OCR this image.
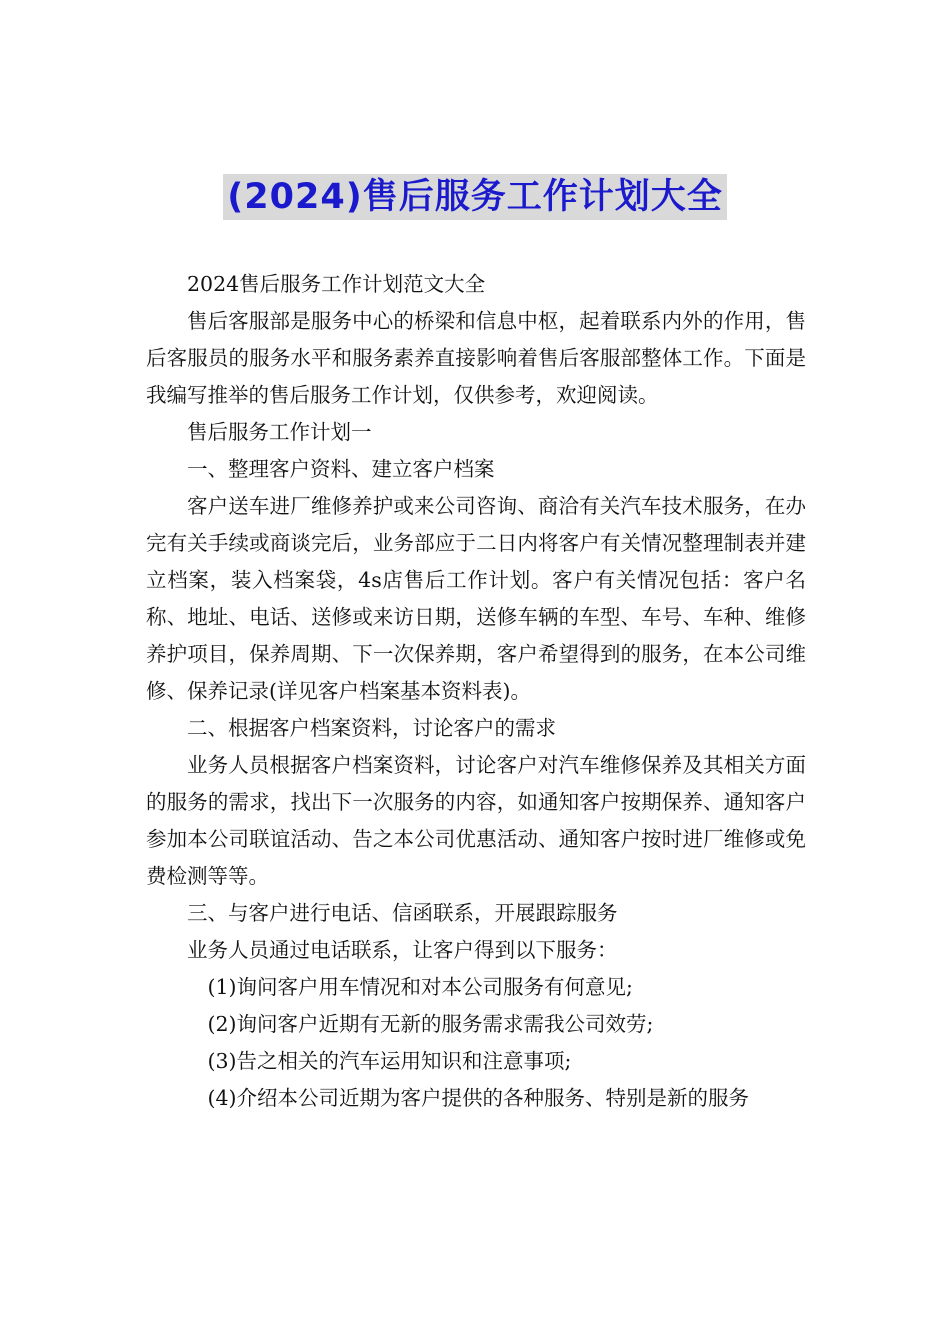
(2024)售后服务工作计划大全

2024售后服务工作计划范文大全

售后客服部是服务中心的桥梁和信息中枢，起着联系内外的作用，售后客服员的服务水平和服务素养直接影响着售后客服部整体工作。下面是我编写推举的售后服务工作计划，仅供参考，欢迎阅读。

售后服务工作计划一

一、整理客户资料、建立客户档案

客户送车进厂维修养护或来公司咨询、商洽有关汽车技术服务，在办完有关手续或商谈完后，业务部应于二日内将客户有关情况整理制表并建立档案，装入档案袋，4s店售后工作计划。客户有关情况包括：客户名称、地址、电话、送修或来访日期，送修车辆的车型、车号、车种、维修养护项目，保养周期、下一次保养期，客户希望得到的服务，在本公司维修、保养记录(详见客户档案基本资料表)。

二、根据客户档案资料，讨论客户的需求

业务人员根据客户档案资料，讨论客户对汽车维修保养及其相关方面的服务的需求，找出下一次服务的内容，如通知客户按期保养、通知客户参加本公司联谊活动、告之本公司优惠活动、通知客户按时进厂维修或免费检测等等。

三、与客户进行电话、信函联系，开展跟踪服务

业务人员通过电话联系，让客户得到以下服务：

(1)询问客户用车情况和对本公司服务有何意见;

(2)询问客户近期有无新的服务需求需我公司效劳;

(3)告之相关的汽车运用知识和注意事项;

(4)介绍本公司近期为客户提供的各种服务、特别是新的服务
